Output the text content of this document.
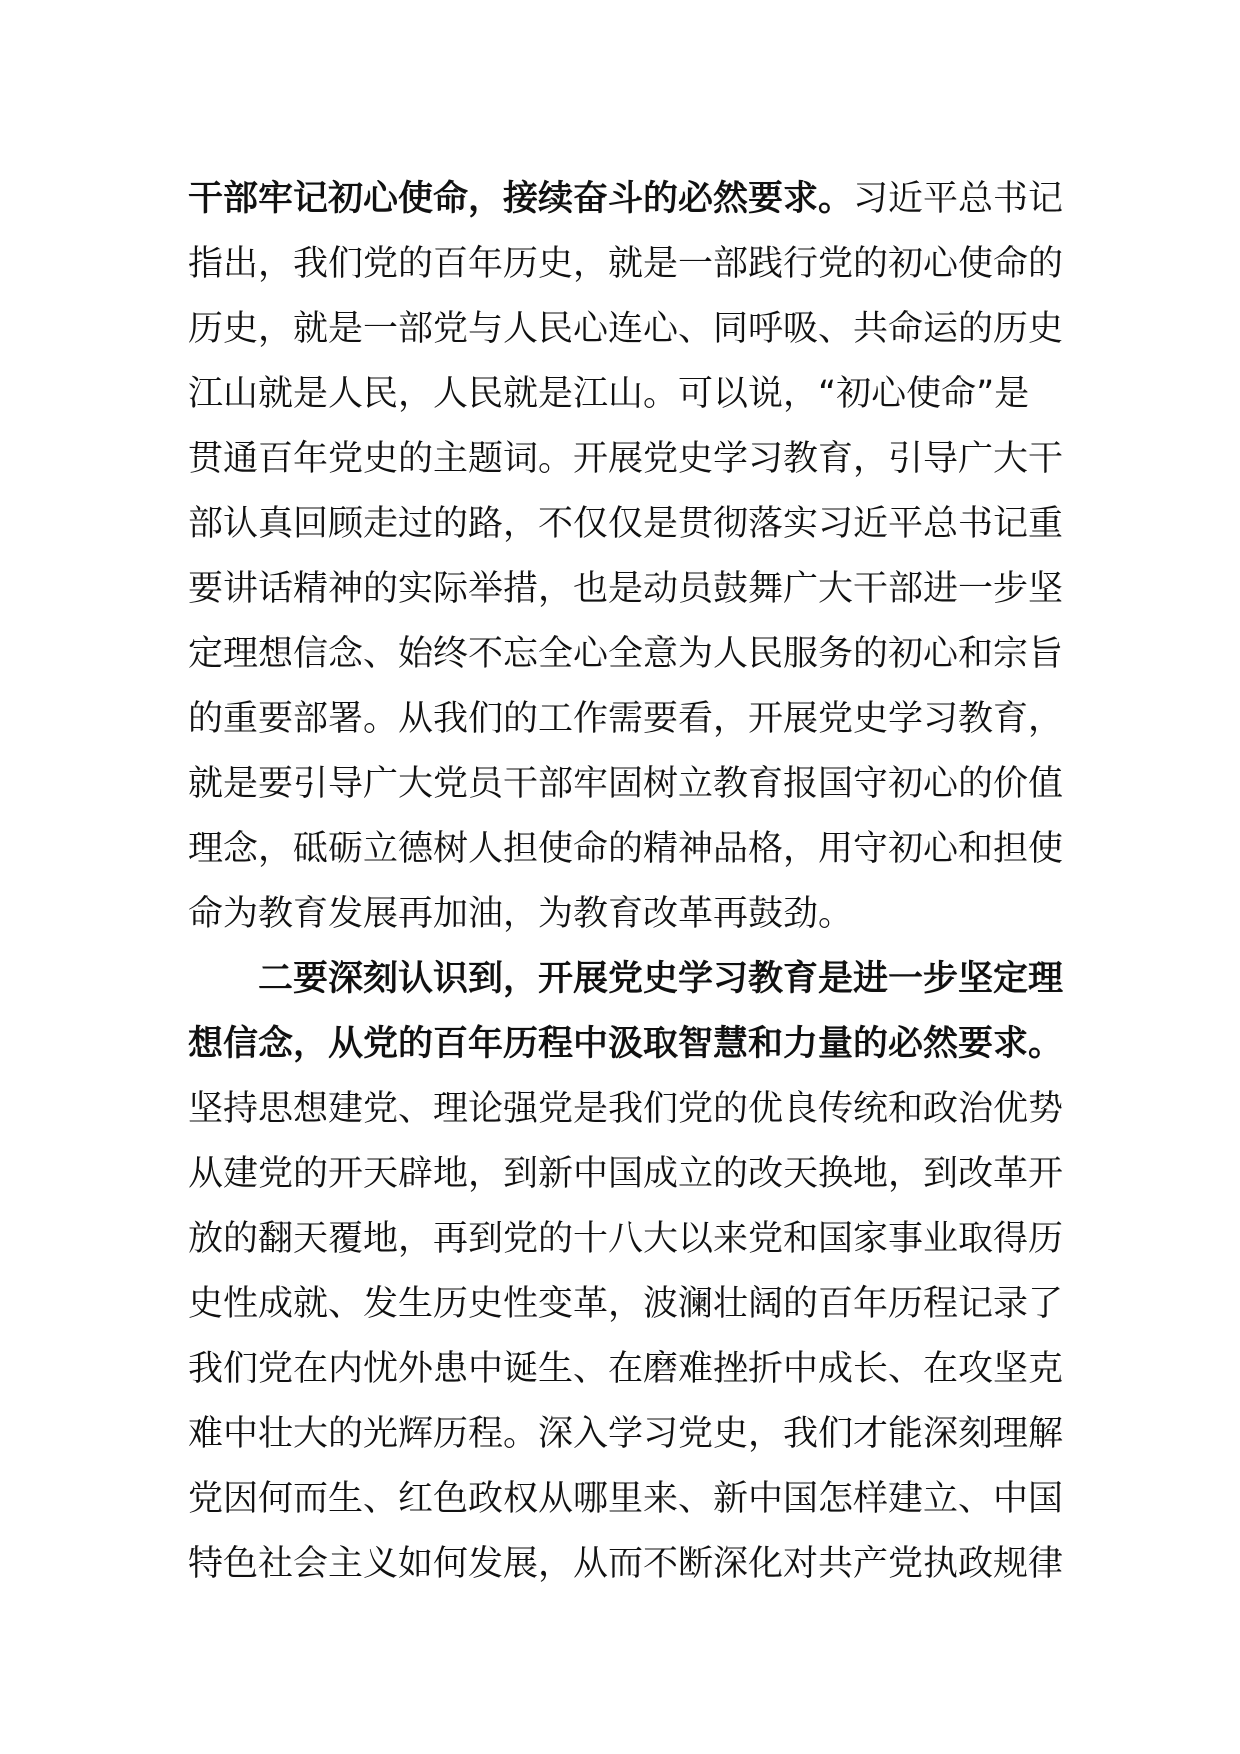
干部牢记初心使命，接续奋斗的必然要求。习近平总书记
指出，我们党的百年历史，就是一部践行党的初心使命的
历史，就是一部党与人民心连心、同呼吸、共命运的历史
江山就是人民，人民就是江山。可以说，“初心使命”是
贯通百年党史的主题词。开展党史学习教育，引导广大干
部认真回顾走过的路，不仅仅是贯彻落实习近平总书记重
要讲话精神的实际举措，也是动员鼓舞广大干部进一步坚
定理想信念、始终不忘全心全意为人民服务的初心和宗旨
的重要部署。从我们的工作需要看，开展党史学习教育，
就是要引导广大党员干部牢固树立教育报国守初心的价值
理念，砥砺立德树人担使命的精神品格，用守初心和担使
命为教育发展再加油，为教育改革再鼓劲。
二要深刻认识到，开展党史学习教育是进一步坚定理
想信念，从党的百年历程中汲取智慧和力量的必然要求。
坚持思想建党、理论强党是我们党的优良传统和政治优势
从建党的开天辟地，到新中国成立的改天换地，到改革开
放的翻天覆地，再到党的十八大以来党和国家事业取得历
史性成就、发生历史性变革，波澜壮阔的百年历程记录了
我们党在内忧外患中诞生、在磨难挫折中成长、在攻坚克
难中壮大的光辉历程。深入学习党史，我们才能深刻理解
党因何而生、红色政权从哪里来、新中国怎样建立、中国
特色社会主义如何发展，从而不断深化对共产党执政规律
